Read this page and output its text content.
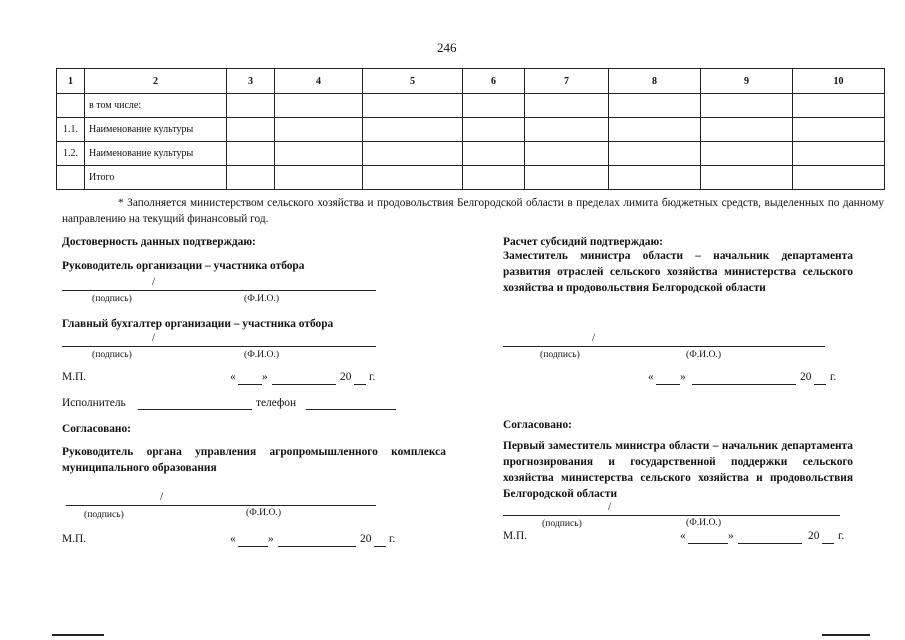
246
1	2	3	4	5	6	7	8	9	10
	в том числе:								
1.1.	Наименование культуры								
1.2.	Наименование культуры								
	Итого								
* Заполняется министерством сельского хозяйства и продовольствия Белгородской области в пределах лимита бюджетных средств, выделенных по данному направлению на текущий финансовый год.
Достоверность данных подтверждаю:
Руководитель организации – участника отбора
/
(подпись)	(Ф.И.О.)
Главный бухгалтер организации – участника отбора
/
(подпись)	(Ф.И.О.)
М.П.	« »	20 г.
Исполнитель	телефон
Согласовано:
Руководитель органа управления агропромышленного комплекса муниципального образования
/
(подпись)	(Ф.И.О.)
М.П.	«	»	20 г.
Расчет субсидий подтверждаю:
Заместитель министра области – начальник департамента развития отраслей сельского хозяйства министерства сельского хозяйства и продовольствия Белгородской области
/
(подпись)	(Ф.И.О.)
« »	20 г.
Согласовано:
Первый заместитель министра области – начальник департамента прогнозирования и государственной поддержки сельского хозяйства министерства сельского хозяйства и продовольствия Белгородской области
/
(подпись)	(Ф.И.О.)
М.П.	«	»	20 г.
